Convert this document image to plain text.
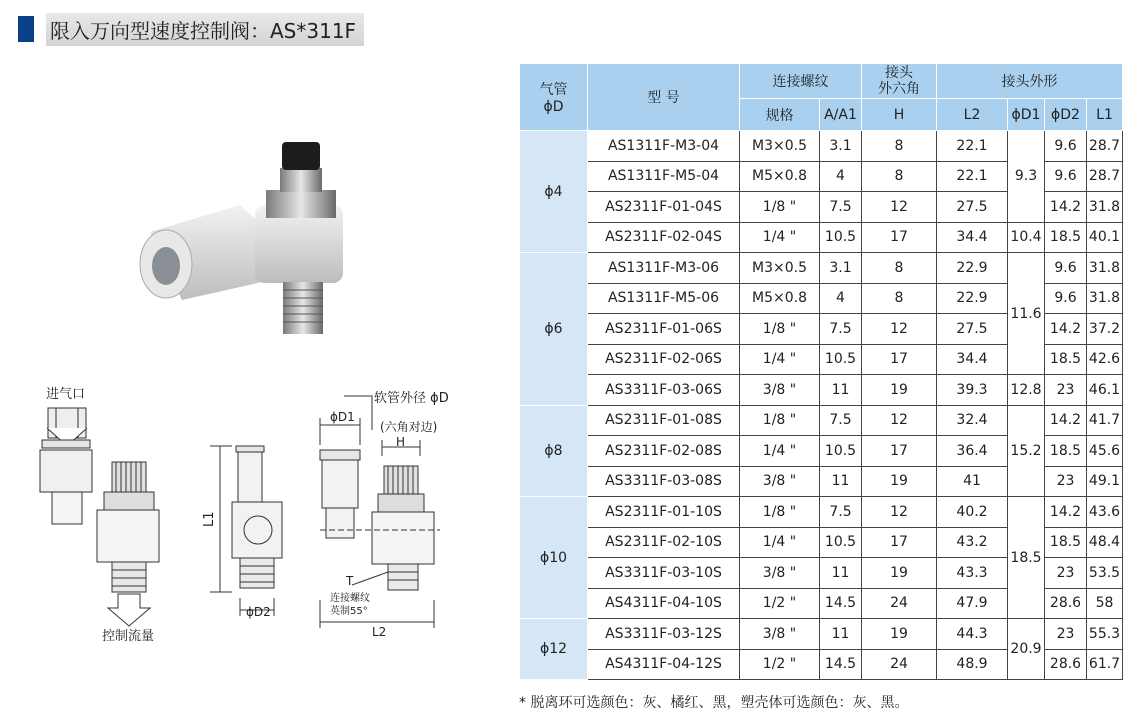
限入万向型速度控制阀：AS*311F
进气口
控制流量
L1
ϕD2
软管外径 ϕD
ϕD1
(六角对边)
H
T
连接螺纹
英制55°
L2
气管
ϕD	型 号	连接螺纹		接头
外六角	接头外形			
		规格	A/A1	H	L2	ϕD1	ϕD2	L1
ϕ4	AS1311F-M3-04	M3×0.5	3.1	8	22.1	9.3	9.6	28.7
	AS1311F-M5-04	M5×0.8	4	8	22.1		9.6	28.7
	AS2311F-01-04S	1/8 "	7.5	12	27.5		14.2	31.8
	AS2311F-02-04S	1/4 "	10.5	17	34.4	10.4	18.5	40.1
ϕ6	AS1311F-M3-06	M3×0.5	3.1	8	22.9	11.6	9.6	31.8
	AS1311F-M5-06	M5×0.8	4	8	22.9		9.6	31.8
	AS2311F-01-06S	1/8 "	7.5	12	27.5		14.2	37.2
	AS2311F-02-06S	1/4 "	10.5	17	34.4		18.5	42.6
	AS3311F-03-06S	3/8 "	11	19	39.3	12.8	23	46.1
ϕ8	AS2311F-01-08S	1/8 "	7.5	12	32.4	15.2	14.2	41.7
	AS2311F-02-08S	1/4 "	10.5	17	36.4		18.5	45.6
	AS3311F-03-08S	3/8 "	11	19	41		23	49.1
ϕ10	AS2311F-01-10S	1/8 "	7.5	12	40.2	18.5	14.2	43.6
	AS2311F-02-10S	1/4 "	10.5	17	43.2		18.5	48.4
	AS3311F-03-10S	3/8 "	11	19	43.3		23	53.5
	AS4311F-04-10S	1/2 "	14.5	24	47.9		28.6	58
ϕ12	AS3311F-03-12S	3/8 "	11	19	44.3	20.9	23	55.3
	AS4311F-04-12S	1/2 "	14.5	24	48.9		28.6	61.7
* 脱离环可选颜色：灰、橘红、黑，塑壳体可选颜色：灰、黑。
